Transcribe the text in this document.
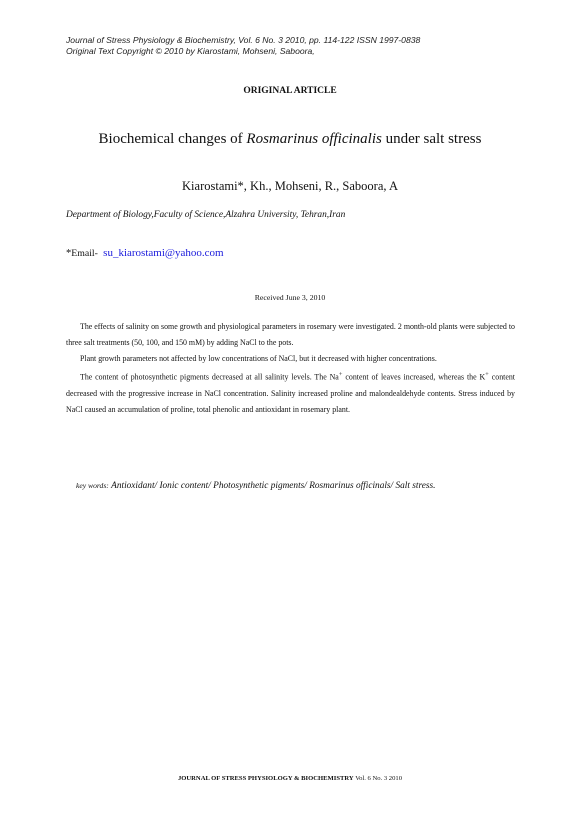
Journal of Stress Physiology & Biochemistry, Vol. 6 No. 3 2010, pp. 114-122 ISSN 1997-0838
Original Text Copyright © 2010 by Kiarostami, Mohseni, Saboora,
ORIGINAL ARTICLE
Biochemical changes of Rosmarinus officinalis under salt stress
Kiarostami*, Kh., Mohseni, R., Saboora, A
Department of Biology,Faculty of Science,Alzahra University, Tehran,Iran
*Email- su_kiarostami@yahoo.com
Received June 3, 2010

The effects of salinity on some growth and physiological parameters in rosemary were investigated. 2 month-old plants were subjected to three salt treatments (50, 100, and 150 mM) by adding NaCl to the pots.

Plant growth parameters not affected by low concentrations of NaCl, but it decreased with higher concentrations.

The content of photosynthetic pigments decreased at all salinity levels. The Na+ content of leaves increased, whereas the K+ content decreased with the progressive increase in NaCl concentration. Salinity increased proline and malondealdehyde contents. Stress induced by NaCl caused an accumulation of proline, total phenolic and antioxidant in rosemary plant.

key words: Antioxidant/ Ionic content/ Photosynthetic pigments/ Rosmarinus officinals/ Salt stress.
JOURNAL OF STRESS PHYSIOLOGY & BIOCHEMISTRY Vol. 6 No. 3 2010
